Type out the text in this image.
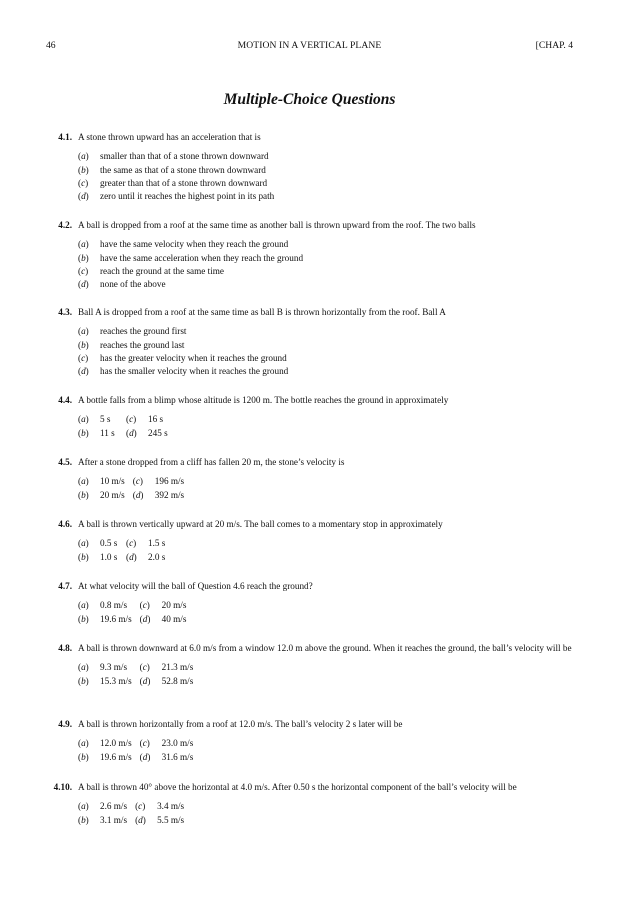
46	MOTION IN A VERTICAL PLANE	[CHAP. 4
Multiple-Choice Questions
4.1. A stone thrown upward has an acceleration that is
(a) smaller than that of a stone thrown downward
(b) the same as that of a stone thrown downward
(c) greater than that of a stone thrown downward
(d) zero until it reaches the highest point in its path
4.2. A ball is dropped from a roof at the same time as another ball is thrown upward from the roof. The two balls
(a) have the same velocity when they reach the ground
(b) have the same acceleration when they reach the ground
(c) reach the ground at the same time
(d) none of the above
4.3. Ball A is dropped from a roof at the same time as ball B is thrown horizontally from the roof. Ball A
(a) reaches the ground first
(b) reaches the ground last
(c) has the greater velocity when it reaches the ground
(d) has the smaller velocity when it reaches the ground
4.4. A bottle falls from a blimp whose altitude is 1200 m. The bottle reaches the ground in approximately
(a) 5 s	(c) 16 s
(b) 11 s	(d) 245 s
4.5. After a stone dropped from a cliff has fallen 20 m, the stone’s velocity is
(a) 10 m/s (c) 196 m/s
(b) 20 m/s (d) 392 m/s
4.6. A ball is thrown vertically upward at 20 m/s. The ball comes to a momentary stop in approximately
(a) 0.5 s (c) 1.5 s
(b) 1.0 s (d) 2.0 s
4.7. At what velocity will the ball of Question 4.6 reach the ground?
(a) 0.8 m/s	(c) 20 m/s
(b) 19.6 m/s (d) 40 m/s
4.8. A ball is thrown downward at 6.0 m/s from a window 12.0 m above the ground. When it reaches the ground, the ball’s velocity will be
(a) 9.3 m/s	(c) 21.3 m/s
(b) 15.3 m/s (d) 52.8 m/s
4.9. A ball is thrown horizontally from a roof at 12.0 m/s. The ball’s velocity 2 s later will be
(a) 12.0 m/s (c) 23.0 m/s
(b) 19.6 m/s (d) 31.6 m/s
4.10. A ball is thrown 40° above the horizontal at 4.0 m/s. After 0.50 s the horizontal component of the ball’s velocity will be
(a) 2.6 m/s (c) 3.4 m/s
(b) 3.1 m/s (d) 5.5 m/s
